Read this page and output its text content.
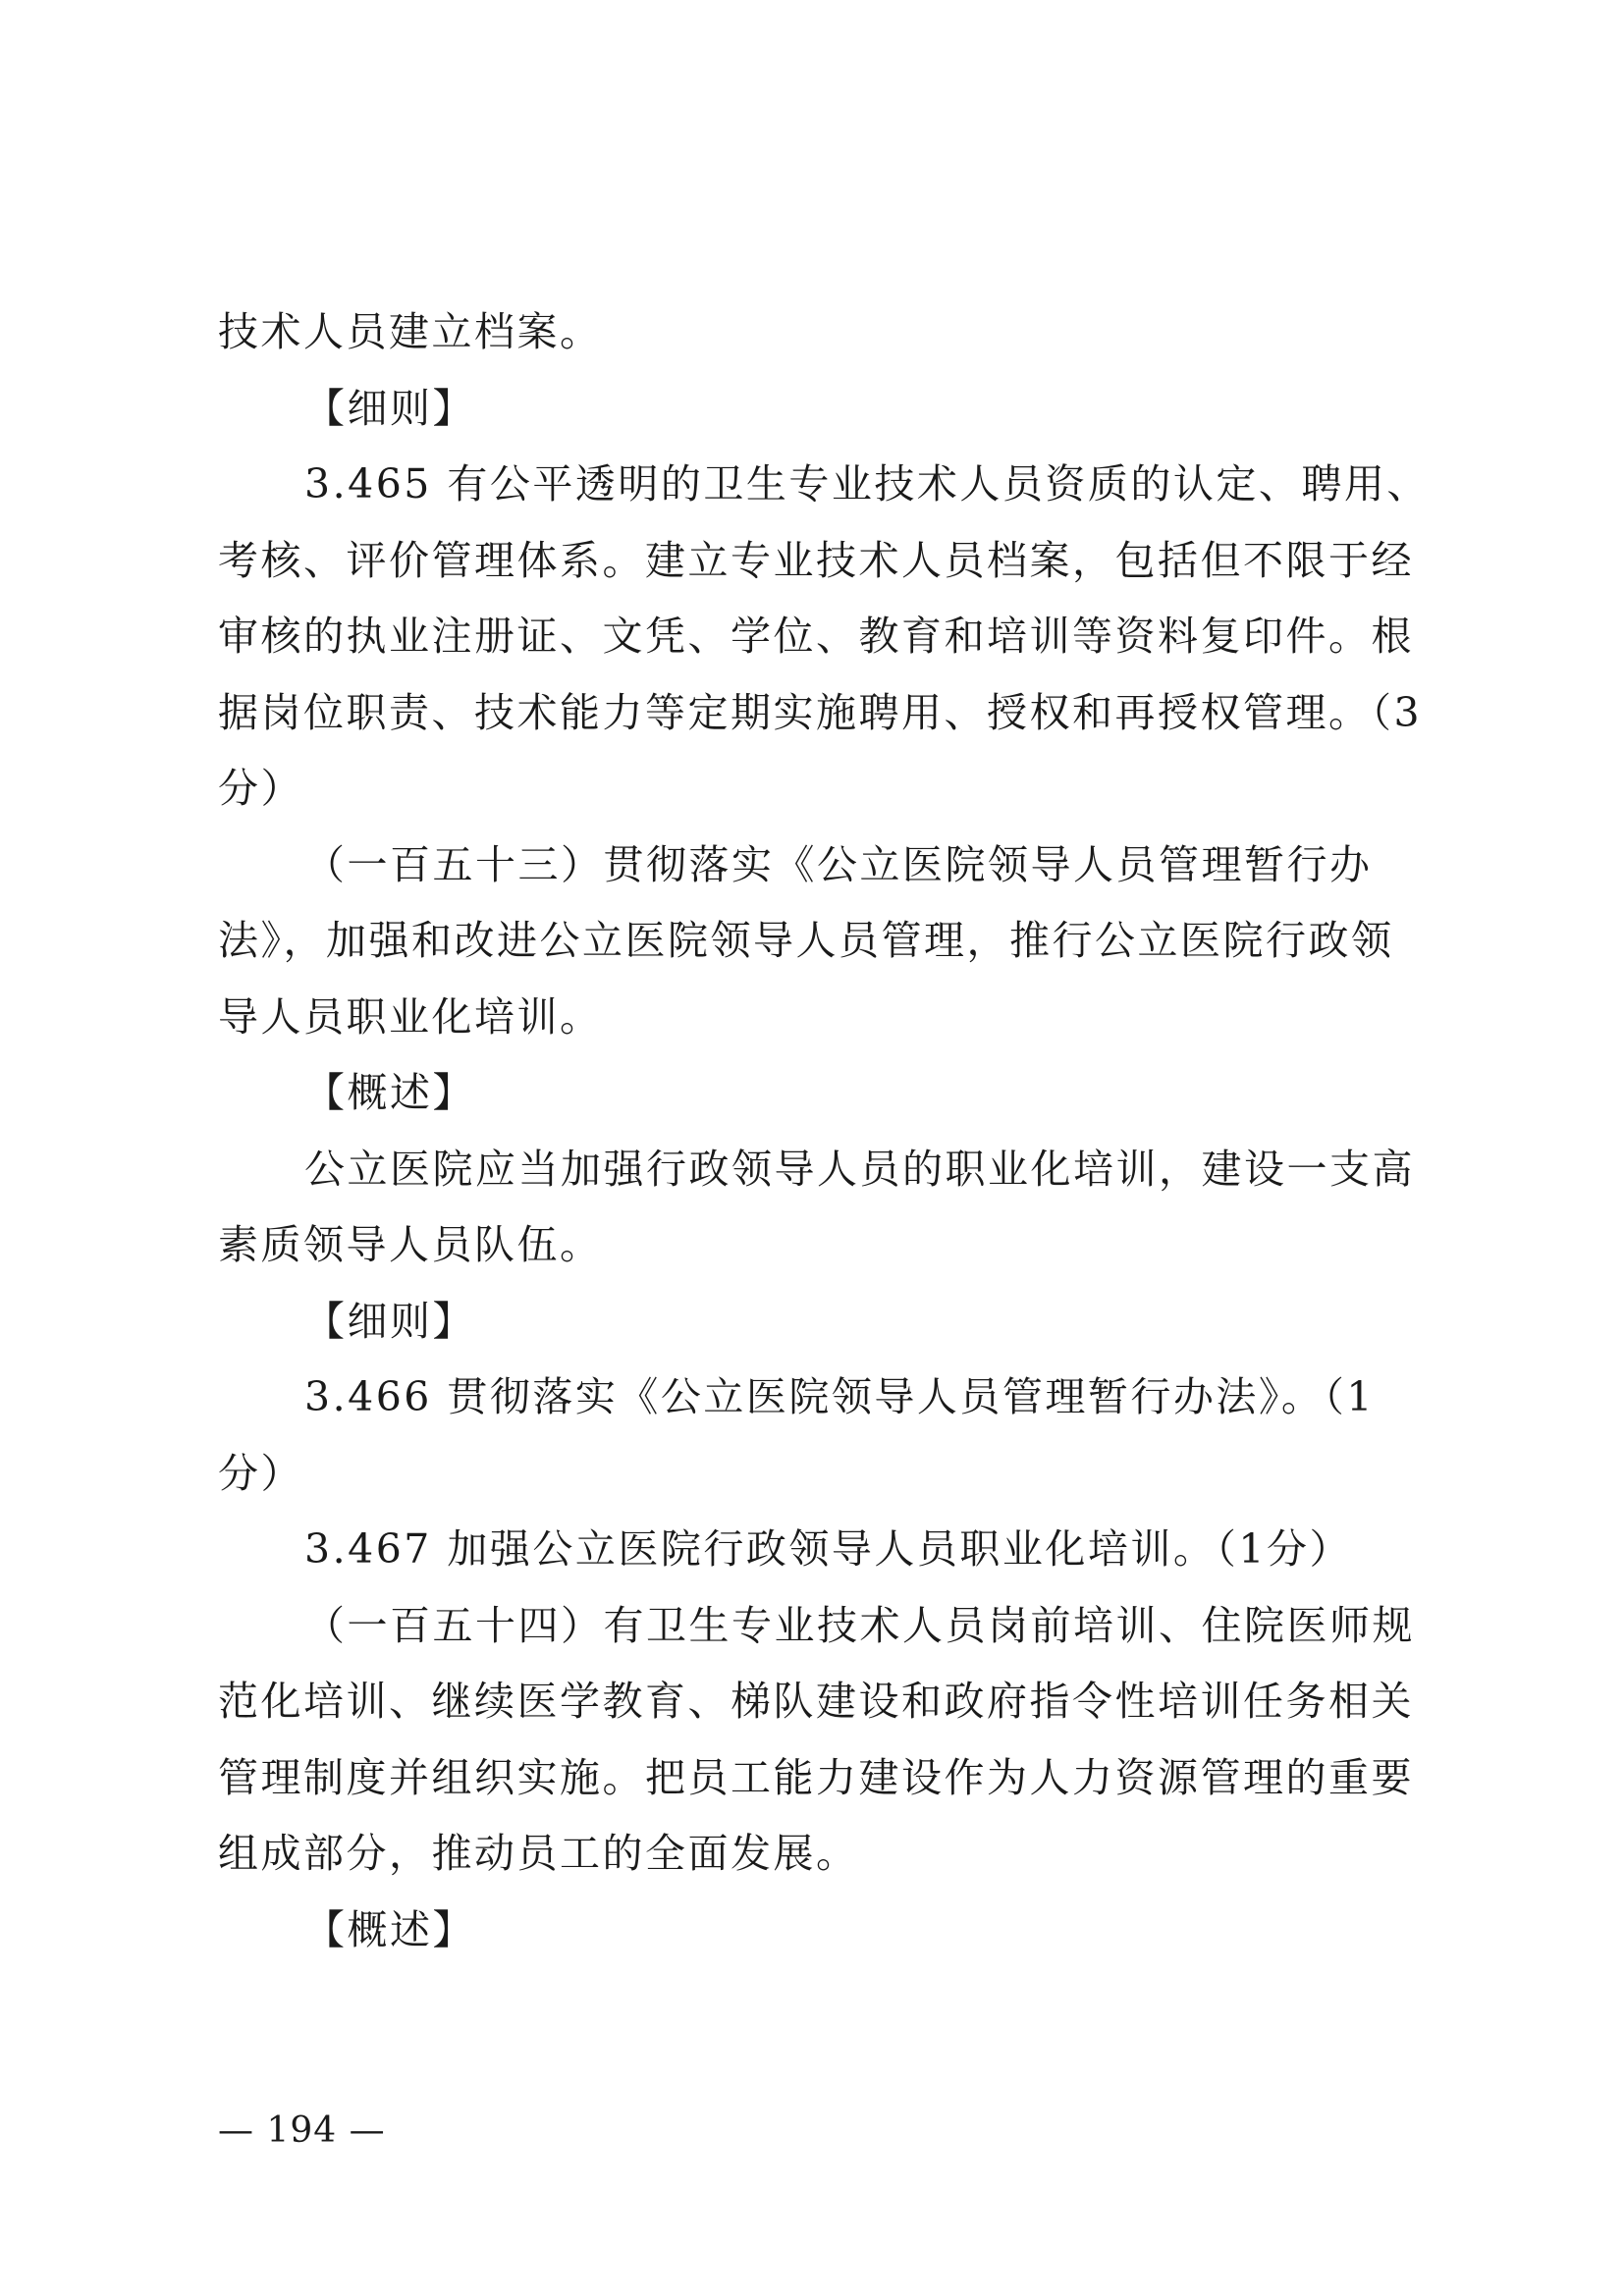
技术人员建立档案。
【细则】
3.465 有公平透明的卫生专业技术人员资质的认定、聘用、
考核、评价管理体系。建立专业技术人员档案，包括但不限于经
审核的执业注册证、文凭、学位、教育和培训等资料复印件。根
据岗位职责、技术能力等定期实施聘用、授权和再授权管理。（3
分）
（一百五十三）贯彻落实《公立医院领导人员管理暂行办
法》，加强和改进公立医院领导人员管理，推行公立医院行政领
导人员职业化培训。
【概述】
公立医院应当加强行政领导人员的职业化培训，建设一支高
素质领导人员队伍。
【细则】
3.466 贯彻落实《公立医院领导人员管理暂行办法》。（1
分）
3.467 加强公立医院行政领导人员职业化培训。（1分）
（一百五十四）有卫生专业技术人员岗前培训、住院医师规
范化培训、继续医学教育、梯队建设和政府指令性培训任务相关
管理制度并组织实施。把员工能力建设作为人力资源管理的重要
组成部分，推动员工的全面发展。
【概述】
— 194 —
